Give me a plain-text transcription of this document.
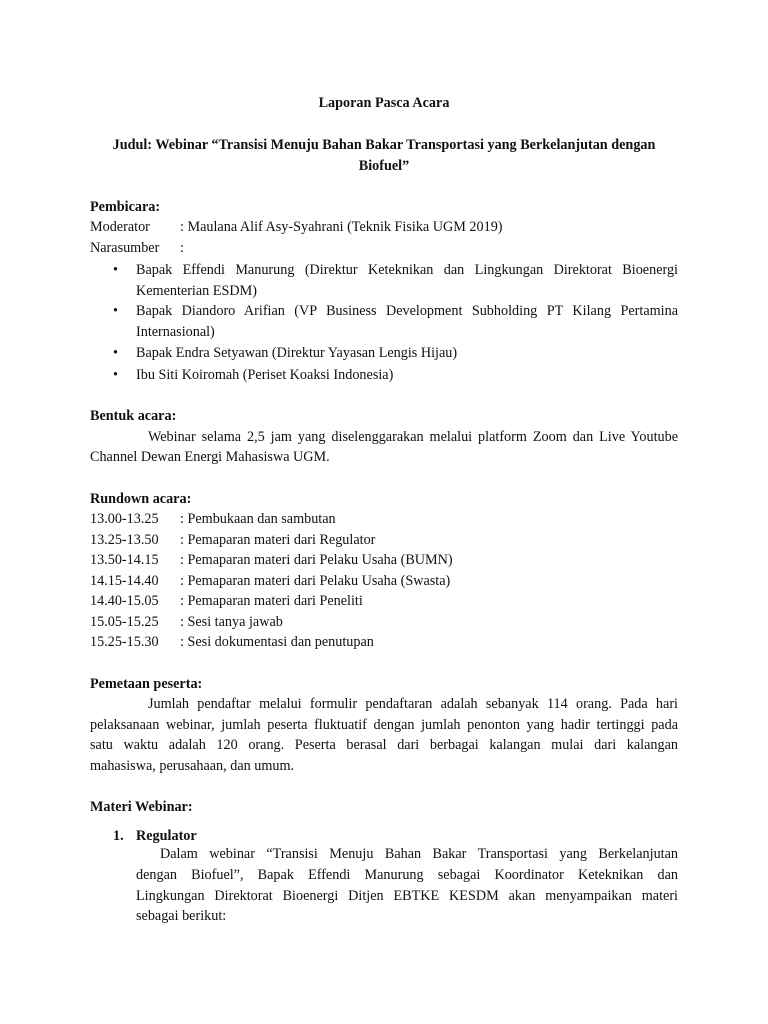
Laporan Pasca Acara
Judul: Webinar “Transisi Menuju Bahan Bakar Transportasi yang Berkelanjutan dengan
Biofuel”
Pembicara:
Moderator : Maulana Alif Asy-Syahrani (Teknik Fisika UGM 2019)
Narasumber :
• Bapak Effendi Manurung (Direktur Keteknikan dan Lingkungan Direktorat Bioenergi
Kementerian ESDM)
• Bapak Diandoro Arifian (VP Business Development Subholding PT Kilang Pertamina
Internasional)
• Bapak Endra Setyawan (Direktur Yayasan Lengis Hijau)
• Ibu Siti Koiromah (Periset Koaksi Indonesia)
Bentuk acara:
Webinar selama 2,5 jam yang diselenggarakan melalui platform Zoom dan Live Youtube
Channel Dewan Energi Mahasiswa UGM.
Rundown acara:
13.00-13.25 : Pembukaan dan sambutan
13.25-13.50 : Pemaparan materi dari Regulator
13.50-14.15 : Pemaparan materi dari Pelaku Usaha (BUMN)
14.15-14.40 : Pemaparan materi dari Pelaku Usaha (Swasta)
14.40-15.05 : Pemaparan materi dari Peneliti
15.05-15.25 : Sesi tanya jawab
15.25-15.30 : Sesi dokumentasi dan penutupan
Pemetaan peserta:
Jumlah pendaftar melalui formulir pendaftaran adalah sebanyak 114 orang. Pada hari
pelaksanaan webinar, jumlah peserta fluktuatif dengan jumlah penonton yang hadir tertinggi pada
satu waktu adalah 120 orang. Peserta berasal dari berbagai kalangan mulai dari kalangan
mahasiswa, perusahaan, dan umum.
Materi Webinar:
1. Regulator
Dalam webinar “Transisi Menuju Bahan Bakar Transportasi yang Berkelanjutan
dengan Biofuel”, Bapak Effendi Manurung sebagai Koordinator Keteknikan dan
Lingkungan Direktorat Bioenergi Ditjen EBTKE KESDM akan menyampaikan materi
sebagai berikut:
